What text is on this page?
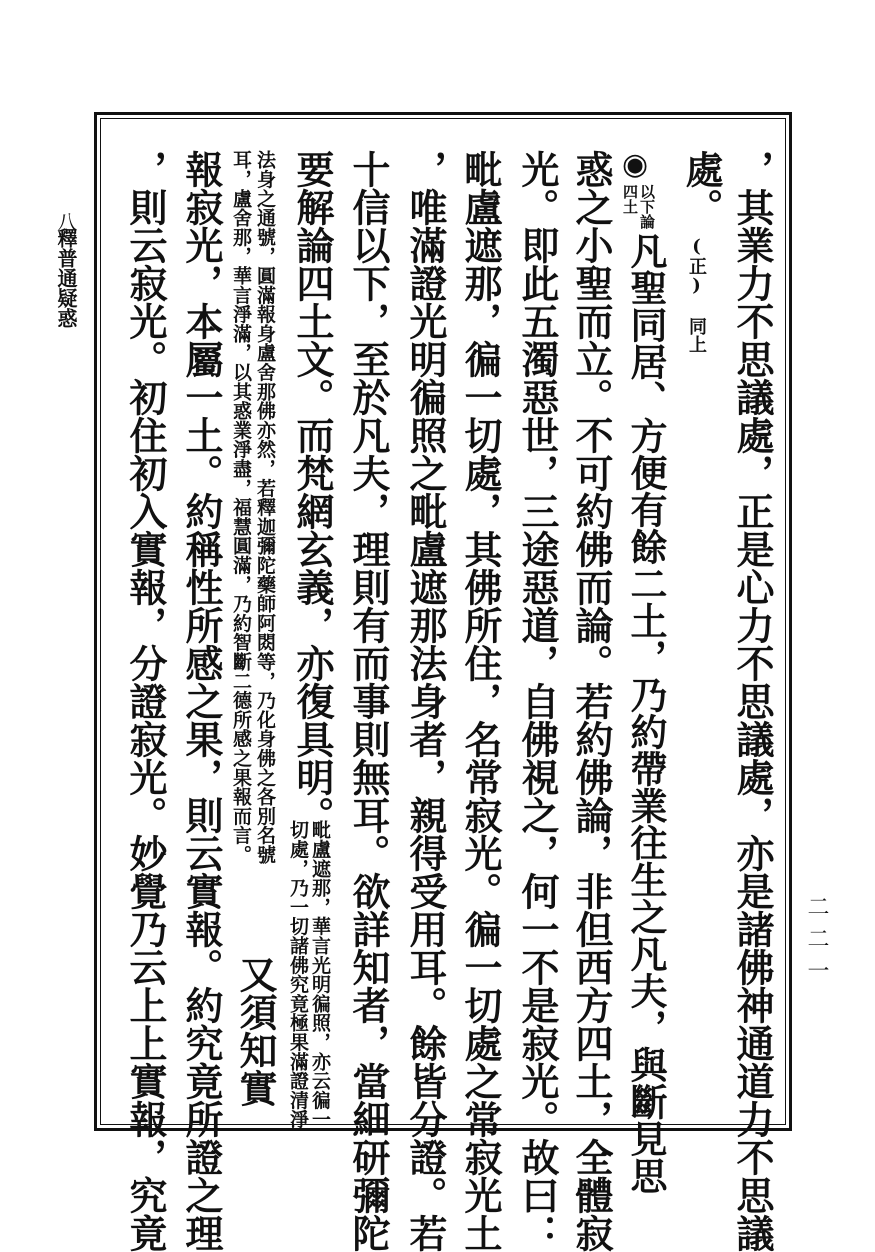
八
釋普通疑惑
二二一
，其業力不思議處，正是心力不思議處，亦是諸佛神通道力不思議
處。
(正) 同上
◉
以下論
四土
凡聖同居、方便有餘二土，乃約帶業往生之凡夫，與斷見思
惑之小聖而立。不可約佛而論。若約佛論，非但西方四土，全體寂
光。即此五濁惡世，三途惡道，自佛視之，何一不是寂光。故曰：
毗盧遮那，徧一切處，其佛所住，名常寂光。徧一切處之常寂光土
，唯滿證光明徧照之毗盧遮那法身者，親得受用耳。餘皆分證。若
十信以下，至於凡夫，理則有而事則無耳。欲詳知者，當細研彌陀
要解論四土文。而梵網玄義，亦復具明。
毗盧遮那，華言光明徧照，亦云徧一
切處，乃一切諸佛究竟極果滿證清淨
法身之通號，圓滿報身盧舍那佛亦然，若釋迦彌陀藥師阿閦等，乃化身佛之各別名號
耳，盧舍那，華言淨滿，以其惑業淨盡，福慧圓滿，乃約智斷二德所感之果報而言。
又須知實
報寂光，本屬一土。約稱性所感之果，則云實報。約究竟所證之理
，則云寂光。初住初入實報，分證寂光。妙覺乃云上上實報，究竟
